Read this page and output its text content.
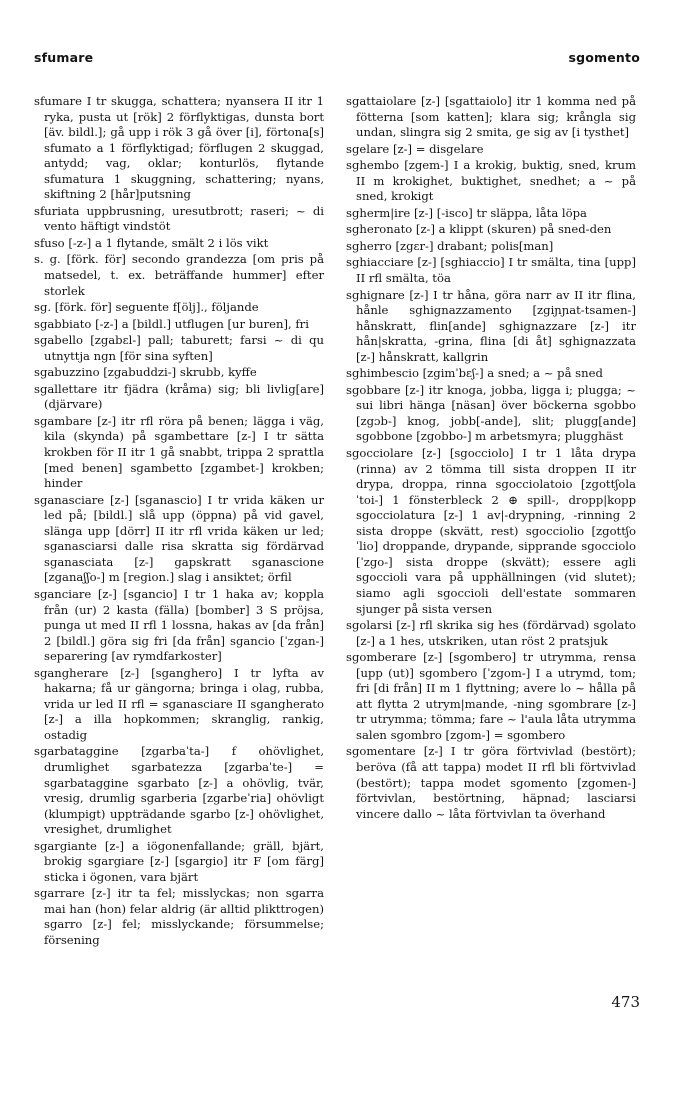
sfumare	sgomento

sfumare I tr skugga, schattera; nyansera II itr 1 ryka, pusta ut [rök] 2 förflyktigas, dunsta bort [äv. bildl.]; gå upp i rök 3 gå över [i], förtona[s] sfumato a 1 förflyktigad; förflugen 2 skuggad, antydd; vag, oklar; konturlös, flytande sfumatura 1 skuggning, schattering; nyans, skiftning 2 [hår]putsning

sfuriata uppbrusning, uresutbrott; raseri; ~ di vento häftigt vindstöt

sfuso [-z-] a 1 flytande, smält 2 i lös vikt

s. g. [förk. för] secondo grandezza [om pris på matsedel, t. ex. beträffande hummer] efter storlek

sg. [förk. för] seguente f[ölj]., följande

sgabbiato [-z-] a [bildl.] utflugen [ur buren], fri

sgabello [zgabɛl-] pall; taburett; farsi ~ di qu utnyttja ngn [för sina syften]

sgabuzzino [zgabuddzi-] skrubb, kyffe

sgallettare itr fjädra (kråma) sig; bli livlig[are] (djärvare)

sgambare [z-] itr rfl röra på benen; lägga i väg, kila (skynda) på sgambettare [z-] I tr sätta krokben för II itr 1 gå snabbt, trippa 2 sprattla [med benen] sgambetto [zgambet-] krokben; hinder

sganasciare [z-] [sganascio] I tr vrida käken ur led på; [bildl.] slå upp (öppna) på vid gavel, slänga upp [dörr] II itr rfl vrida käken ur led; sganasciarsi dalle risa skratta sig fördärvad sganasciata [z-] gapskratt sganascione [zganaʃʃo-] m [region.] slag i ansiktet; örfil

sganciare [z-] [sgancio] I tr 1 haka av; koppla från (ur) 2 kasta (fälla) [bomber] 3 S pröjsa, punga ut med II rfl 1 lossna, hakas av [da från] 2 [bildl.] göra sig fri [da från] sgancio [ˈzgan-] separering [av rymdfarkoster]

sgangherare [z-] [sganghero] I tr lyfta av hakarna; få ur gängorna; bringa i olag, rubba, vrida ur led II rfl = sganasciare II sgangherato [z-] a illa hopkommen; skranglig, rankig, ostadig

sgarbataggine [zgarbaˈta-] f ohövlighet, drumlighet sgarbatezza [zgarbaˈte-] = sgarbataggine sgarbato [z-] a ohövlig, tvär, vresig, drumlig sgarberia [zgarbeˈria] ohövligt (klumpigt) uppträdande sgarbo [z-] ohövlighet, vresighet, drumlighet

sgargiante [z-] a iögonenfallande; gräll, bjärt, brokig sgargiare [z-] [sgargio] itr F [om färg] sticka i ögonen, vara bjärt

sgarrare [z-] itr ta fel; misslyckas; non sgarra mai han (hon) felar aldrig (är alltid plikttrogen) sgarro [z-] fel; misslyckande; försummelse; försening

sgattaiolare [z-] [sgattaiolo] itr 1 komma ned på fötterna [som katten]; klara sig; krångla sig undan, slingra sig 2 smita, ge sig av [i tysthet]

sgelare [z-] = disgelare

sghembo [zgem-] I a krokig, buktig, sned, krum II m krokighet, buktighet, snedhet; a ~ på sned, krokigt

sgherm|ire [z-] [-isco] tr släppa, låta löpa

sgheronato [z-] a klippt (skuren) på sned-den

sgherro [zgɛr-] drabant; polis[man]

sghiacciare [z-] [sghiaccio] I tr smälta, tina [upp] II rfl smälta, töa

sghignare [z-] I tr håna, göra narr av II itr flina, hånle sghignazzamento [zgiɲɲat-tsamen-] hånskratt, flin[ande] sghignazzare [z-] itr hån|skratta, -grina, flina [di åt] sghignazzata [z-] hånskratt, kallgrin

sghimbescio [zgimˈbɛʃ-] a sned; a ~ på sned

sgobbare [z-] itr knoga, jobba, ligga i; plugga; ~ sui libri hänga [näsan] över böckerna sgobbo [zgɔb-] knog, jobb[-ande], slit; plugg[ande] sgobbone [zgobbo-] m arbetsmyra; plugghäst

sgocciolare [z-] [sgocciolo] I tr 1 låta drypa (rinna) av 2 tömma till sista droppen II itr drypa, droppa, rinna sgocciolatoio [zgottʃolaˈtoi-] 1 fönsterbleck 2 ⊕ spill-, dropp|kopp sgocciolatura [z-] 1 av|-drypning, -rinning 2 sista droppe (skvätt, rest) sgocciolio [zgottʃoˈlio] droppande, drypande, sipprande sgocciolo [ˈzgo-] sista droppe (skvätt); essere agli sgoccioli vara på upphällningen (vid slutet); siamo agli sgoccioli dell'estate sommaren sjunger på sista versen

sgolarsi [z-] rfl skrika sig hes (fördärvad) sgolato [z-] a 1 hes, utskriken, utan röst 2 pratsjuk

sgomberare [z-] [sgombero] tr utrymma, rensa [upp (ut)] sgombero [ˈzgom-] I a utrymd, tom; fri [di från] II m 1 flyttning; avere lo ~ hålla på att flytta 2 utrym|mande, -ning sgombrare [z-] tr utrymma; tömma; fare ~ l'aula låta utrymma salen sgombro [zgom-] = sgombero

sgomentare [z-] I tr göra förtvivlad (bestört); beröva (få att tappa) modet II rfl bli förtvivlad (bestört); tappa modet sgomento [zgomen-] förtvivlan, bestörtning, häpnad; lasciarsi vincere dallo ~ låta förtvivlan ta överhand

473
